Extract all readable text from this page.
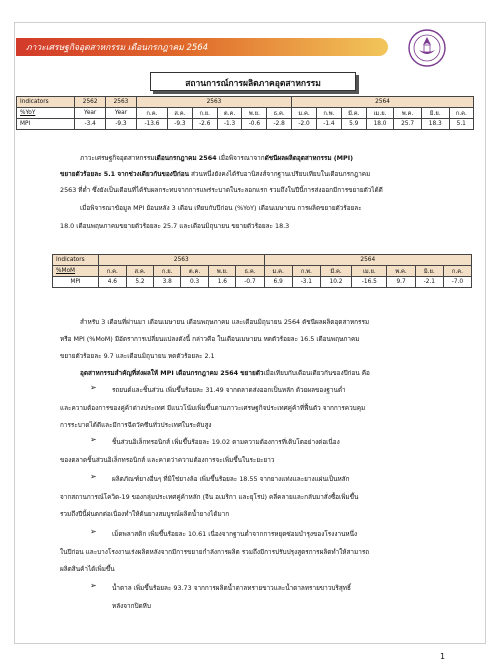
ภาวะเศรษฐกิจอุตสาหกรรม เดือนกรกฎาคม 2564
สถานการณ์การผลิตภาคอุตสาหกรรม
Indicators	2562	2563	2563						2564						
%YoY	Year	Year	ก.ค.	ส.ค.	ก.ย.	ต.ค.	พ.ย.	ธ.ค.	ม.ค.	ก.พ.	มี.ค.	เม.ย.	พ.ค.	มิ.ย.	ก.ค.
MPI	-3.4	-9.3	-13.6	-9.3	-2.6	-1.3	-0.6	-2.8	-2.0	-1.4	5.9	18.0	25.7	18.3	5.1
ภาวะเศรษฐกิจอุตสาหกรรมเดือนกรกฎาคม 2564 เมื่อพิจารณาจากดัชนีผลผลิตอุตสาหกรรม (MPI)
ขยายตัวร้อยละ 5.1 จากช่วงเดียวกันของปีก่อน ส่วนหนึ่งยังคงได้รับอานิสงส์จากฐานเปรียบเทียบในเดือนกรกฎาคม
2563 ที่ต่ำ ซึ่งยังเป็นเดือนที่ได้รับผลกระทบจากการแพร่ระบาดในระลอกแรก รวมถึงในปีนี้การส่งออกมีการขยายตัวได้ดี
เมื่อพิจารณาข้อมูล MPI ย้อนหลัง 3 เดือน เทียบกับปีก่อน (%YoY) เดือนเมษายน การผลิตขยายตัวร้อยละ
18.0 เดือนพฤษภาคมขยายตัวร้อยละ 25.7 และเดือนมิถุนายน ขยายตัวร้อยละ 18.3
Indicators	2563						2564						
%MoM	ก.ค.	ส.ค.	ก.ย.	ต.ค.	พ.ย.	ธ.ค.	ม.ค.	ก.พ.	มี.ค.	เม.ย.	พ.ค.	มิ.ย.	ก.ค.
MPI	4.6	5.2	3.8	0.3	1.6	-0.7	6.9	-3.1	10.2	-16.5	9.7	-2.1	-7.0
สำหรับ 3 เดือนที่ผ่านมา เดือนเมษายน เดือนพฤษภาคม และเดือนมิถุนายน 2564 ดัชนีผลผลิตอุตสาหกรรม
หรือ MPI (%MoM) มีอัตราการเปลี่ยนแปลงดังนี้ กล่าวคือ ในเดือนเมษายน หดตัวร้อยละ 16.5 เดือนพฤษภาคม
ขยายตัวร้อยละ 9.7 และเดือนมิถุนายน หดตัวร้อยละ 2.1
อุตสาหกรรมสำคัญที่ส่งผลให้ MPI เดือนกรกฎาคม 2564 ขยายตัวเมื่อเทียบกับเดือนเดียวกันของปีก่อน คือ
➢ รถยนต์และชิ้นส่วน เพิ่มขึ้นร้อยละ 31.49 จากตลาดส่งออกเป็นหลัก ด้วยผลของฐานต่ำ
และความต้องการของคู่ค้าต่างประเทศ มีแนวโน้มเพิ่มขึ้นตามภาวะเศรษฐกิจประเทศคู่ค้าที่ฟื้นตัว จากการควบคุม
การระบาดได้ดีและมีการฉีดวัคซีนทั่วประเทศในระดับสูง
➢ ชิ้นส่วนอิเล็กทรอนิกส์ เพิ่มขึ้นร้อยละ 19.02 ตามความต้องการที่เติบโตอย่างต่อเนื่อง
ของตลาดชิ้นส่วนอิเล็กทรอนิกส์ และคาดว่าความต้องการจะเพิ่มขึ้นในระยะยาว
➢ ผลิตภัณฑ์ยางอื่นๆ ที่มิใช่ยางล้อ เพิ่มขึ้นร้อยละ 18.55 จากยางแท่งและยางแผ่นเป็นหลัก
จากสถานการณ์โควิด-19 ของกลุ่มประเทศคู่ค้าหลัก (จีน อเมริกา และยุโรป) คลี่คลายและกลับมาสั่งซื้อเพิ่มขึ้น
รวมถึงปีนี้ฝนตกต่อเนื่องทำให้ต้นยางสมบูรณ์ผลิตน้ำยางได้มาก
➢ เม็ดพลาสติก เพิ่มขึ้นร้อยละ 10.61 เนื่องจากฐานต่ำจากการหยุดซ่อมบำรุงของโรงงานหนึ่ง
ในปีก่อน และบางโรงงานเร่งผลิตหลังจากมีการขยายกำลังการผลิต รวมถึงมีการปรับปรุงสูตรการผลิตทำให้สามารถ
ผลิตสินค้าได้เพิ่มขึ้น
➢ น้ำตาล เพิ่มขึ้นร้อยละ 93.73 จากการผลิตน้ำตาลทรายขาวและน้ำตาลทรายขาวบริสุทธิ์
หลังจากปิดหีบ
1
